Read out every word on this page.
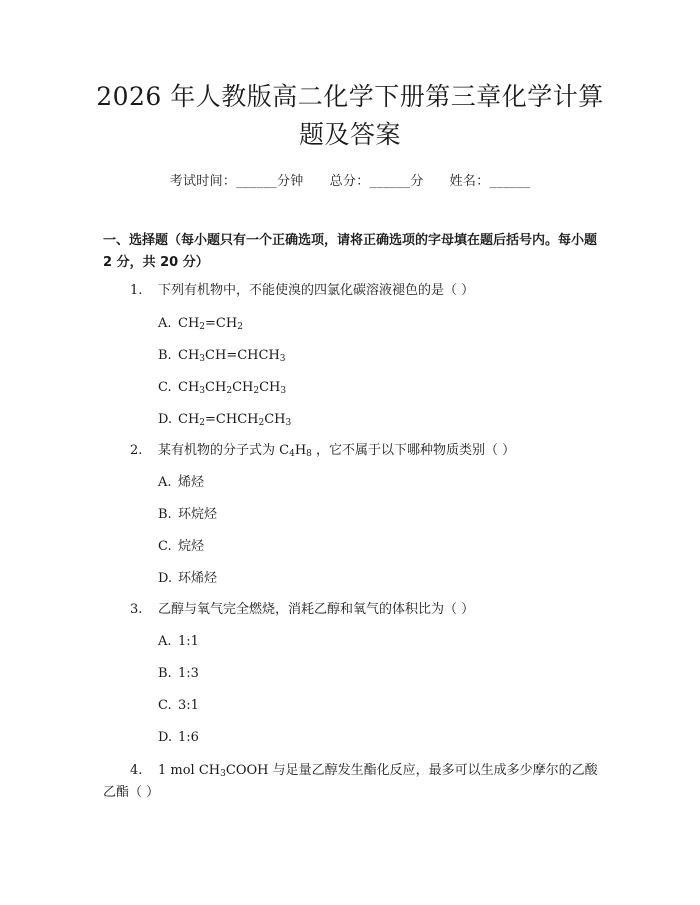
2026 年人教版高二化学下册第三章化学计算
题及答案
考试时间：______分钟 总分：______分 姓名：______
一、选择题（每小题只有一个正确选项，请将正确选项的字母填在题后括号内。每小题 2 分，共 20 分）
1. 下列有机物中，不能使溴的四氯化碳溶液褪色的是（ ）
A. $CH_2=CH_2$
B. $CH_3CH=CHCH_3$
C. $CH_3CH_2CH_2CH_3$
D. $CH_2=CHCH_2CH_3$
2. 某有机物的分子式为 $C_4H_8$ ，它不属于以下哪种物质类别（ ）
A. 烯烃
B. 环烷烃
C. 烷烃
D. 环烯烃
3. 乙醇与氧气完全燃烧，消耗乙醇和氧气的体积比为（ ）
A. 1:1
B. 1:3
C. 3:1
D. 1:6
4. 1 mol $CH_3COOH$ 与足量乙醇发生酯化反应，最多可以生成多少摩尔的乙酸乙酯（ ）
